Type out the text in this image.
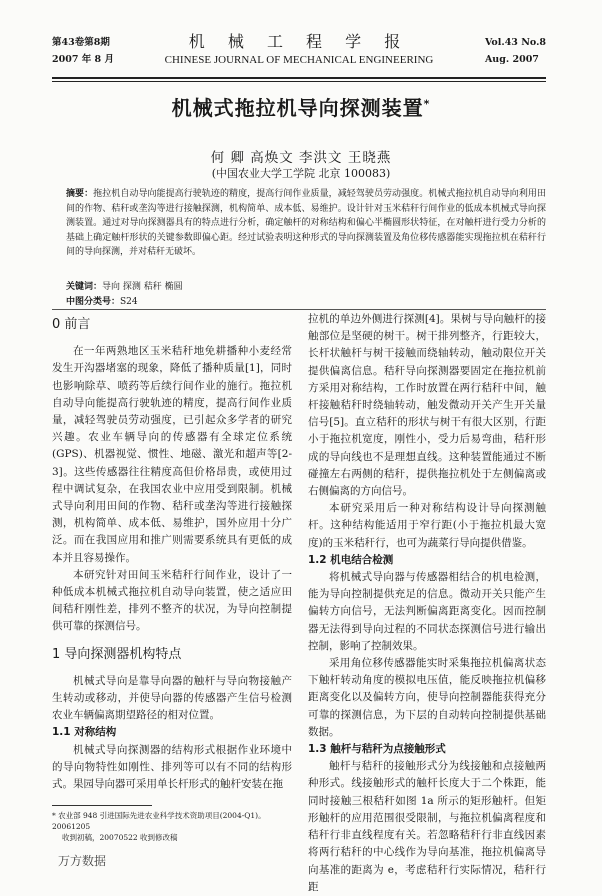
第43卷第8期
2007 年 8 月
机 械 工 程 学 报
CHINESE JOURNAL OF MECHANICAL ENGINEERING
Vol.43 No.8
Aug. 2007
机械式拖拉机导向探测装置*
何 卿 高焕文 李洪文 王晓燕
(中国农业大学工学院 北京 100083)
摘要：拖拉机自动导向能提高行驶轨迹的精度，提高行间作业质量，减轻驾驶员劳动强度。机械式拖拉机自动导向利用田间的作物、秸秆或垄沟等进行接触探测，机构简单、成本低、易维护。设计针对玉米秸秆行间作业的低成本机械式导向探测装置。通过对导向探测器具有的特点进行分析，确定触杆的对称结构和偏心半椭圆形状特征，在对触杆进行受力分析的基础上确定触杆形状的关键参数即偏心距。经过试验表明这种形式的导向探测装置及角位移传感器能实现拖拉机在秸秆行间的导向探测，并对秸秆无破坏。
关键词：导向 探测 秸秆 椭圆
中图分类号：S24

0 前言

在一年两熟地区玉米秸秆地免耕播种小麦经常发生开沟器堵塞的现象，降低了播种质量[1]，同时也影响除草、喷药等后续行间作业的施行。拖拉机自动导向能提高行驶轨迹的精度，提高行间作业质量，减轻驾驶员劳动强度，已引起众多学者的研究兴趣。农业车辆导向的传感器有全球定位系统(GPS)、机器视觉、惯性、地磁、激光和超声等[2-3]。这些传感器往往精度高但价格昂贵，或使用过程中调试复杂，在我国农业中应用受到限制。机械式导向利用田间的作物、秸秆或垄沟等进行接触探测，机构简单、成本低、易维护，国外应用十分广泛。而在我国应用和推广则需要系统具有更低的成本并且容易操作。

本研究针对田间玉米秸秆行间作业，设计了一种低成本机械式拖拉机自动导向装置，使之适应田间秸秆刚性差，排列不整齐的状况，为导向控制提供可靠的探测信号。

1 导向探测器机构特点

机械式导向是靠导向器的触杆与导向物接触产生转动或移动，并使导向器的传感器产生信号检测农业车辆偏离期望路径的相对位置。

1.1 对称结构

机械式导向探测器的结构形式根据作业环境中的导向物特性如刚性、排列等可以有不同的结构形式。果园导向器可采用单长杆形式的触杆安装在拖

拉机的单边外侧进行探测[4]。果树与导向触杆的接触部位是坚硬的树干。树干排列整齐，行距较大，长杆状触杆与树干接触而绕轴转动，触动限位开关提供偏离信息。秸秆导向探测器要固定在拖拉机前方采用对称结构，工作时放置在两行秸秆中间，触杆接触秸秆时绕轴转动，触发微动开关产生开关量信号[5]。直立秸秆的形状与树干有很大区别，行距小于拖拉机宽度，刚性小，受力后易弯曲，秸秆形成的导向线也不是理想直线。这种装置能通过不断碰撞左右两侧的秸秆，提供拖拉机处于左侧偏离或右侧偏离的方向信号。

本研究采用后一种对称结构设计导向探测触杆。这种结构能适用于窄行距(小于拖拉机最大宽度)的玉米秸秆行，也可为蔬菜行导向提供借鉴。

1.2 机电结合检测

将机械式导向器与传感器相结合的机电检测，能为导向控制提供充足的信息。微动开关只能产生偏转方向信号，无法判断偏离距离变化。因而控制器无法得到导向过程的不同状态探测信号进行输出控制，影响了控制效果。

采用角位移传感器能实时采集拖拉机偏离状态下触杆转动角度的模拟电压值，能反映拖拉机偏移距离变化以及偏转方向，使导向控制器能获得充分可靠的探测信息，为下层的自动转向控制提供基础数据。

1.3 触杆与秸秆为点接触形式

触杆与秸秆的接触形式分为线接触和点接触两种形式。线接触形式的触杆长度大于二个株距，能同时接触三根秸秆如图 1a 所示的矩形触杆。但矩形触杆的应用范围很受限制，与拖拉机偏离程度和秸秆行非直线程度有关。若忽略秸秆行非直线因素将两行秸秆的中心线作为导向基准，拖拉机偏离导向基准的距离为 e，考虑秸秆行实际情况，秸秆行距

* 农业部 948 引进国际先进农业科学技术资助项目(2004-Q1)。20061205
收到初稿，20070522 收到修改稿
万方数据
